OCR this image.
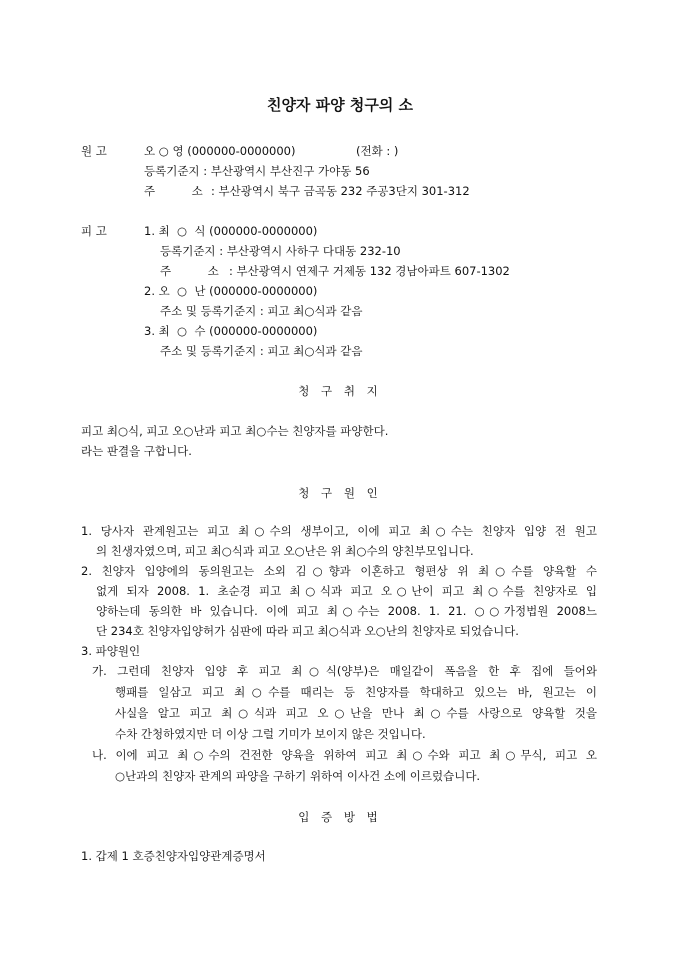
친양자 파양 청구의 소
원 고	오 ○ 영 (000000-0000000)	(전화 : )
등록기준지 : 부산광역시 부산진구 가야동 56
주          소 : 부산광역시 북구 금곡동 232 주공3단지 301-312
피 고	1. 최  ○  식 (000000-0000000)
등록기준지 : 부산광역시 사하구 다대동 232-10
주          소 : 부산광역시 연제구 거제동 132 경남아파트 607-1302
2. 오  ○  난 (000000-0000000)
주소 및 등록기준지 : 피고 최○식과 같음
3. 최  ○  수 (000000-0000000)
주소 및 등록기준지 : 피고 최○식과 같음
청 구 취 지
피고 최○식, 피고 오○난과 피고 최○수는 친양자를 파양한다.
라는 판결을 구합니다.
청 구 원 인
1. 당사자 관계원고는 피고 최○수의 생부이고, 이에 피고 최○수는 친양자 입양 전 원고
의 친생자였으며, 피고 최○식과 피고 오○난은 위 최○수의 양친부모입니다.
2. 친양자 입양에의 동의원고는 소외 김○향과 이혼하고 형편상 위 최○수를 양육할 수
없게 되자 2008. 1. 초순경 피고 최○식과 피고 오○난이 피고 최○수를 친양자로 입
양하는데 동의한 바 있습니다. 이에 피고 최○수는 2008. 1. 21. ○○가정법원 2008느
단 234호 친양자입양허가 심판에 따라 피고 최○식과 오○난의 친양자로 되었습니다.
3. 파양원인
가. 그런데 친양자 입양 후 피고 최○식(양부)은 매일같이 폭음을 한 후 집에 들어와
행패를 일삼고 피고 최○수를 때리는 등 친양자를 학대하고 있으는 바, 원고는 이
사실을 알고 피고 최○식과 피고 오○난을 만나 최○수를 사랑으로 양육할 것을
수차 간청하였지만 더 이상 그럴 기미가 보이지 않은 것입니다.
나. 이에 피고 최○수의 건전한 양육을 위하여 피고 최○수와 피고 최○무식, 피고 오
○난과의 친양자 관계의 파양을 구하기 위하여 이사건 소에 이르렀습니다.
입 증 방 법
1. 갑제 1 호증친양자입양관계증명서
